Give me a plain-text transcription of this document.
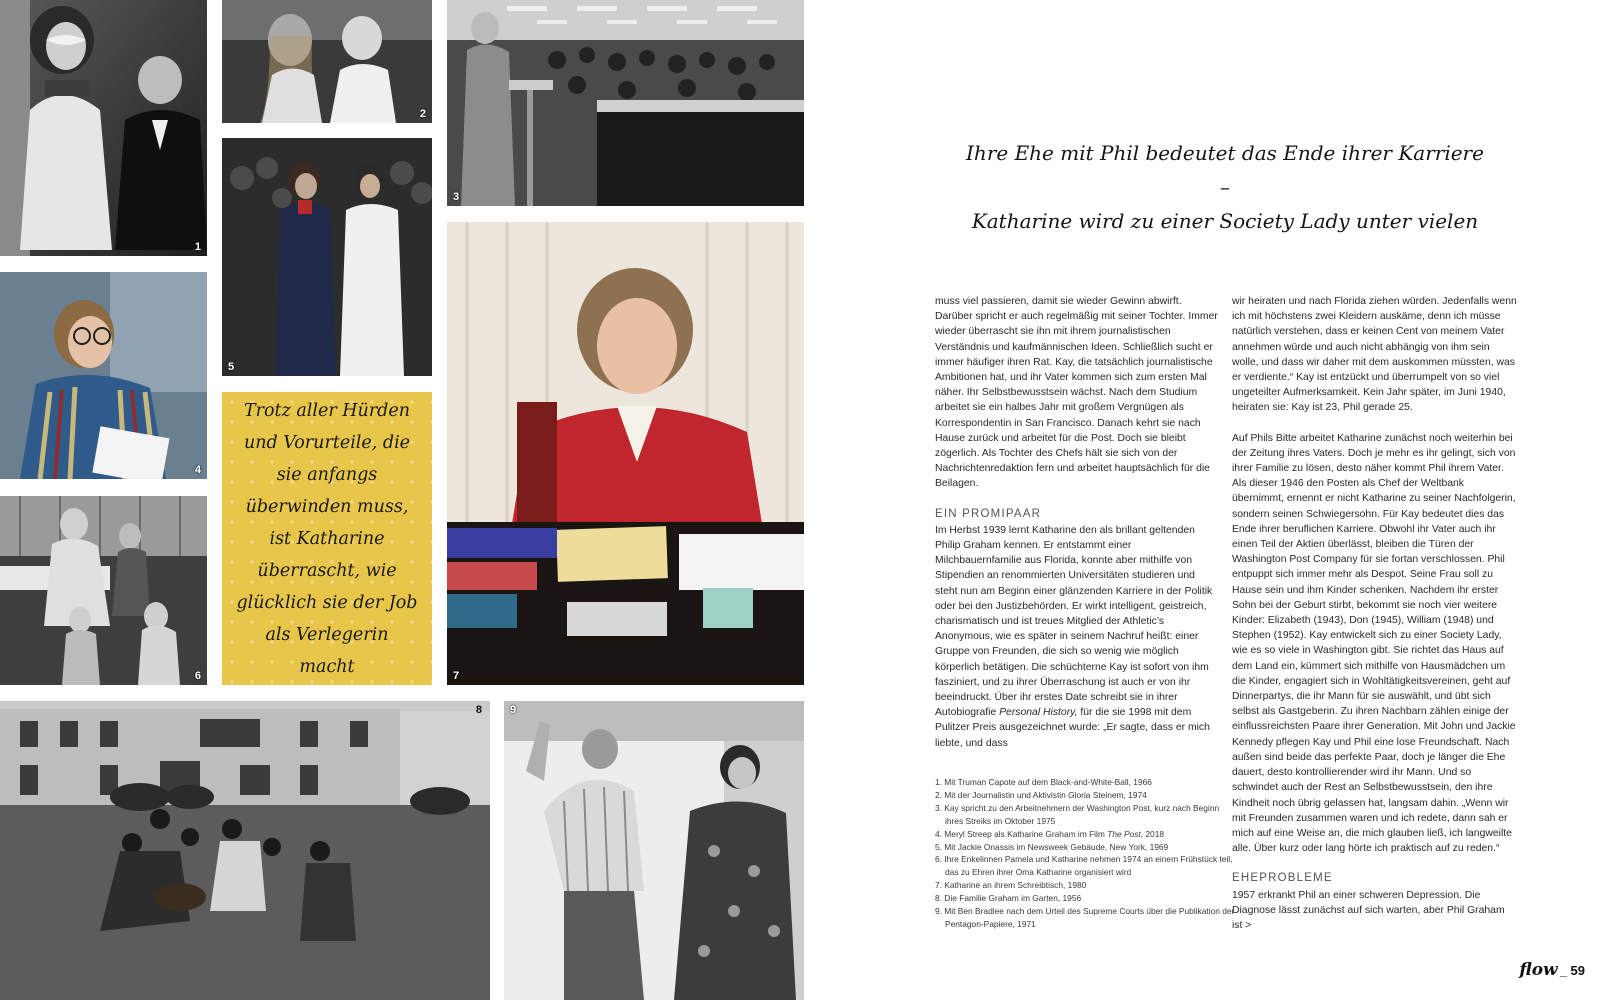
1
2
3
4
5
6	7
8	9

Trotz aller Hürden und Vorurteile, die sie anfangs überwinden muss, ist Katharine überrascht, wie glücklich sie der Job als Verlegerin macht

Ihre Ehe mit Phil bedeutet das Ende ihrer Karriere –
Katharine wird zu einer Society Lady unter vielen

muss viel passieren, damit sie wieder Gewinn abwirft. Darüber spricht er auch regelmäßig mit seiner Tochter. Immer wieder überrascht sie ihn mit ihrem journalistischen Verständnis und kaufmännischen Ideen. Schließlich sucht er immer häufiger ihren Rat. Kay, die tatsächlich journalistische Ambitionen hat, und ihr Vater kommen sich zum ersten Mal näher. Ihr Selbstbewusstsein wächst. Nach dem Studium arbeitet sie ein halbes Jahr mit großem Vergnügen als Korrespondentin in San Francisco. Danach kehrt sie nach Hause zurück und arbeitet für die Post. Doch sie bleibt zögerlich. Als Tochter des Chefs hält sie sich von der Nachrichtenredaktion fern und arbeitet hauptsächlich für die Beilagen.

EIN PROMIPAAR

Im Herbst 1939 lernt Katharine den als brillant geltenden Philip Graham kennen. Er entstammt einer Milchbauernfamilie aus Florida, konnte aber mithilfe von Stipendien an renommierten Universitäten studieren und steht nun am Beginn einer glänzenden Karriere in der Politik oder bei den Justizbehörden. Er wirkt intelligent, geistreich, charismatisch und ist treues Mitglied der Athletic’s Anonymous, wie es später in seinem Nachruf heißt: einer Gruppe von Freunden, die sich so wenig wie möglich körperlich betätigen. Die schüchterne Kay ist sofort von ihm fasziniert, und zu ihrer Überraschung ist auch er von ihr beeindruckt. Über ihr erstes Date schreibt sie in ihrer Autobiografie Personal History, für die sie 1998 mit dem Pulitzer Preis ausgezeichnet wurde: „Er sagte, dass er mich liebte, und dass

wir heiraten und nach Florida ziehen würden. Jedenfalls wenn ich mit höchstens zwei Kleidern auskäme, denn ich müsse natürlich verstehen, dass er keinen Cent von meinem Vater annehmen würde und auch nicht abhängig von ihm sein wolle, und dass wir daher mit dem auskommen müssten, was er verdiente.“ Kay ist entzückt und überrumpelt von so viel ungeteilter Aufmerksamkeit. Kein Jahr später, im Juni 1940, heiraten sie: Kay ist 23, Phil gerade 25.

Auf Phils Bitte arbeitet Katharine zunächst noch weiterhin bei der Zeitung ihres Vaters. Doch je mehr es ihr gelingt, sich von ihrer Familie zu lösen, desto näher kommt Phil ihrem Vater. Als dieser 1946 den Posten als Chef der Weltbank übernimmt, ernennt er nicht Katharine zu seiner Nachfolgerin, sondern seinen Schwiegersohn. Für Kay bedeutet dies das Ende ihrer beruflichen Karriere. Obwohl ihr Vater auch ihr einen Teil der Aktien überlässt, bleiben die Türen der Washington Post Company für sie fortan verschlossen. Phil entpuppt sich immer mehr als Despot. Seine Frau soll zu Hause sein und ihm Kinder schenken. Nachdem ihr erster Sohn bei der Geburt stirbt, bekommt sie noch vier weitere Kinder: Elizabeth (1943), Don (1945), William (1948) und Stephen (1952). Kay entwickelt sich zu einer Society Lady, wie es so viele in Washington gibt. Sie richtet das Haus auf dem Land ein, kümmert sich mithilfe von Hausmädchen um die Kinder, engagiert sich in Wohltätigkeitsvereinen, geht auf Dinnerpartys, die ihr Mann für sie auswählt, und übt sich selbst als Gastgeberin. Zu ihren Nachbarn zählen einige der einflussreichsten Paare ihrer Generation. Mit John und Jackie Kennedy pflegen Kay und Phil eine lose Freundschaft. Nach außen sind beide das perfekte Paar, doch je länger die Ehe dauert, desto kontrollierender wird ihr Mann. Und so schwindet auch der Rest an Selbstbewusstsein, den ihre Kindheit noch übrig gelassen hat, langsam dahin. „Wenn wir mit Freunden zusammen waren und ich redete, dann sah er mich auf eine Weise an, die mich glauben ließ, ich langweilte alle. Über kurz oder lang hörte ich praktisch auf zu reden.“

EHEPROBLEME

1957 erkrankt Phil an einer schweren Depression. Die Diagnose lässt zunächst auf sich warten, aber Phil Graham ist >

1. Mit Truman Capote auf dem Black-and-White-Ball, 1966
2. Mit der Journalistin und Aktivistin Gloria Steinem, 1974
3. Kay spricht zu den Arbeitnehmern der Washington Post, kurz nach Beginn ihres Streiks im Oktober 1975
4. Meryl Streep als Katharine Graham im Film The Post, 2018
5. Mit Jackie Onassis im Newsweek Gebäude, New York, 1969
6. Ihre Enkelinnen Pamela und Katharine nehmen 1974 an einem Frühstück teil, das zu Ehren ihrer Oma Katharine organisiert wird
7. Katharine an ihrem Schreibtisch, 1980
8. Die Familie Graham im Garten, 1956
9. Mit Ben Bradlee nach dem Urteil des Supreme Courts über die Publikation der Pentagon-Papiere, 1971
flow _ 59
